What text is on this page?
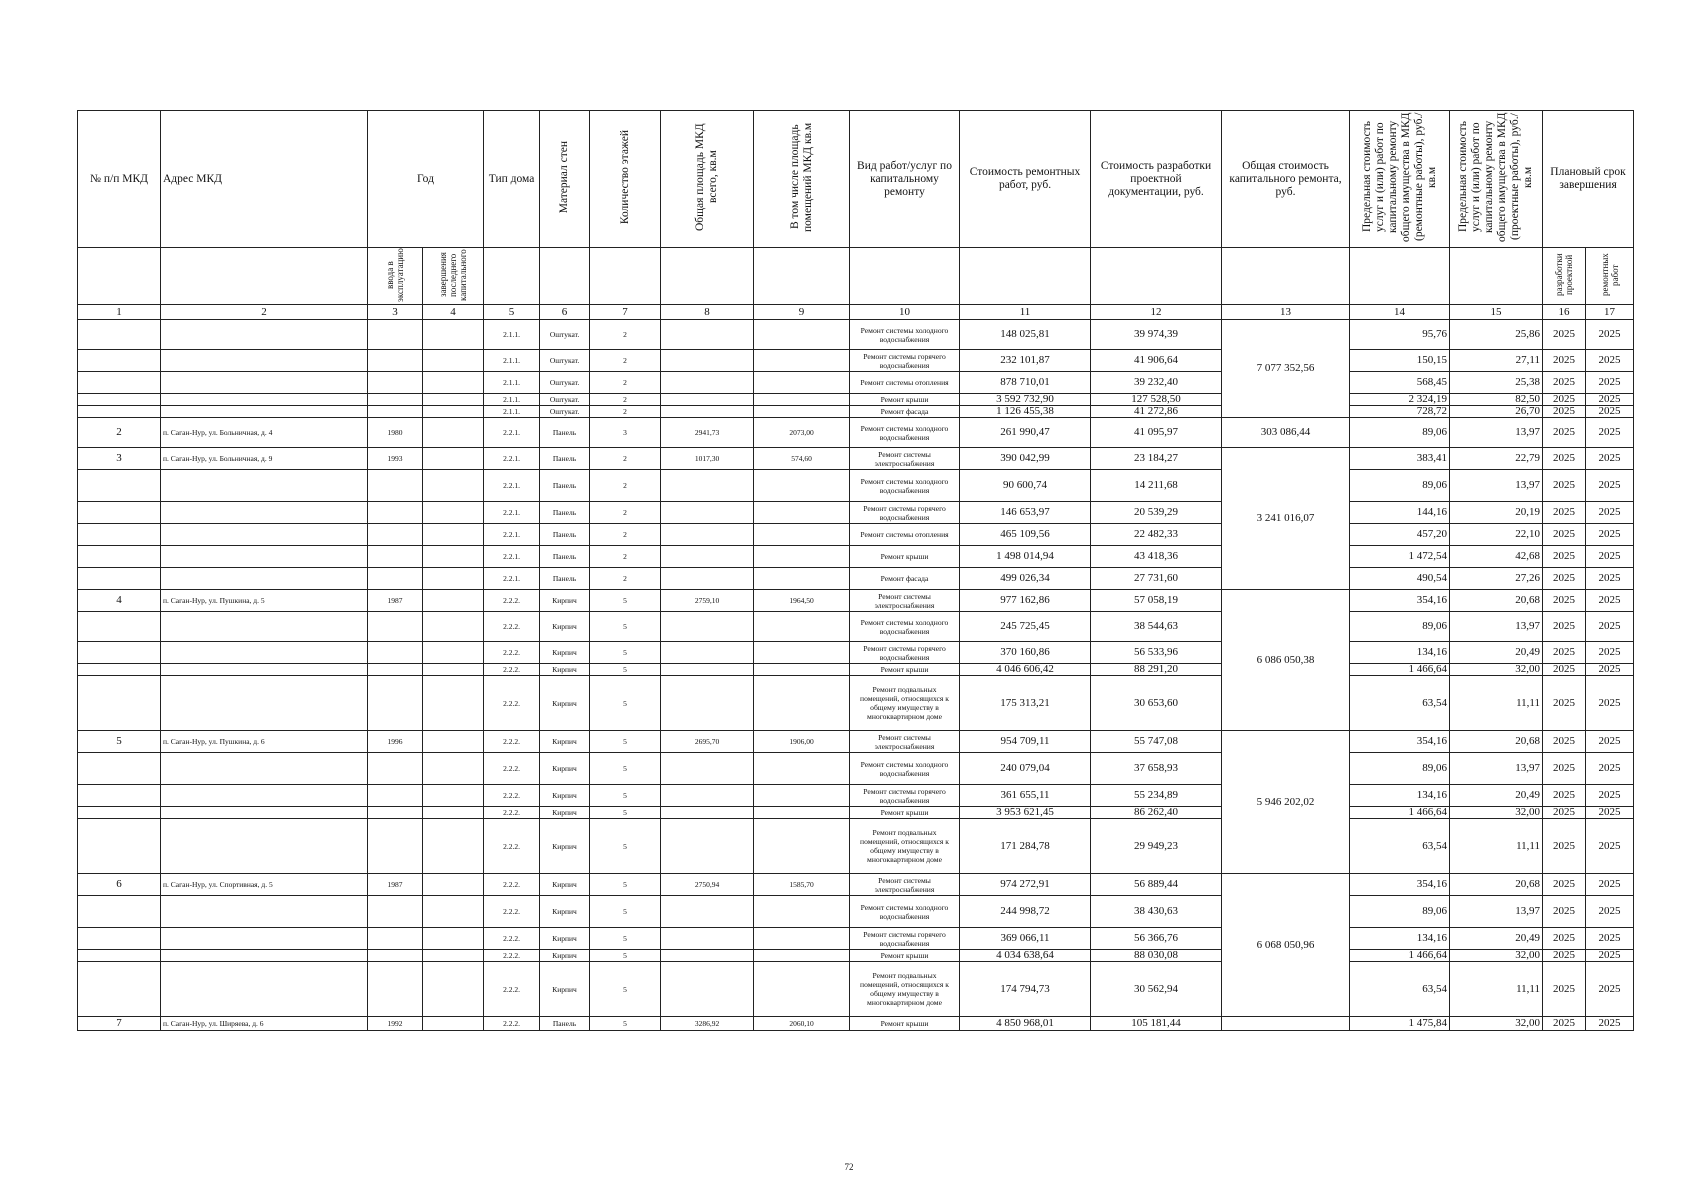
№ п/п МКД	Адрес МКД	Год		Тип дома	Материал стен	Количество этажей	Общая площадь МКД всего, кв.м	В том числе площадь помещений МКД кв.м	Вид работ/услуг по капитальному ремонту	Стоимость ремонтных работ, руб.	Стоимость разработки проектной документации, руб.	Общая стоимость капитального ремонта, руб.	Предельная стоимость услуг и (или) работ по капитальному ремонту общего имущества в МКД (ремонтные работы), руб./кв.м	Предельная стоимость услуг и (или) работ по капитальному ремонту общего имущества в МКД (проектные работы), руб./кв.м	Плановый срок завершения	
		ввода в эксплуатацию	завершения последнего капитального												разработки проектной	ремонтных работ
1	2	3	4	5	6	7	8	9	10	11	12	13	14	15	16	17
				2.1.1.	Оштукат.	2			Ремонт системы холодного водоснабжения	148 025,81	39 974,39	7 077 352,56	95,76	25,86	2025	2025
				2.1.1.	Оштукат.	2			Ремонт системы горячего водоснабжения	232 101,87	41 906,64		150,15	27,11	2025	2025
				2.1.1.	Оштукат.	2			Ремонт системы отопления	878 710,01	39 232,40		568,45	25,38	2025	2025
				2.1.1.	Оштукат.	2			Ремонт крыши	3 592 732,90	127 528,50		2 324,19	82,50	2025	2025
				2.1.1.	Оштукат.	2			Ремонт фасада	1 126 455,38	41 272,86		728,72	26,70	2025	2025
2	п. Саган-Нур, ул. Больничная, д. 4	1980		2.2.1.	Панель	3	2941,73	2073,00	Ремонт системы холодного водоснабжения	261 990,47	41 095,97	303 086,44	89,06	13,97	2025	2025
3	п. Саган-Нур, ул. Больничная, д. 9	1993		2.2.1.	Панель	2	1017,30	574,60	Ремонт системы электроснабжения	390 042,99	23 184,27	3 241 016,07	383,41	22,79	2025	2025
				2.2.1.	Панель	2			Ремонт системы холодного водоснабжения	90 600,74	14 211,68		89,06	13,97	2025	2025
				2.2.1.	Панель	2			Ремонт системы горячего водоснабжения	146 653,97	20 539,29		144,16	20,19	2025	2025
				2.2.1.	Панель	2			Ремонт системы отопления	465 109,56	22 482,33		457,20	22,10	2025	2025
				2.2.1.	Панель	2			Ремонт крыши	1 498 014,94	43 418,36		1 472,54	42,68	2025	2025
				2.2.1.	Панель	2			Ремонт фасада	499 026,34	27 731,60		490,54	27,26	2025	2025
4	п. Саган-Нур, ул. Пушкина, д. 5	1987		2.2.2.	Кирпич	5	2759,10	1964,50	Ремонт системы электроснабжения	977 162,86	57 058,19	6 086 050,38	354,16	20,68	2025	2025
				2.2.2.	Кирпич	5			Ремонт системы холодного водоснабжения	245 725,45	38 544,63		89,06	13,97	2025	2025
				2.2.2.	Кирпич	5			Ремонт системы горячего водоснабжения	370 160,86	56 533,96		134,16	20,49	2025	2025
				2.2.2.	Кирпич	5			Ремонт крыши	4 046 606,42	88 291,20		1 466,64	32,00	2025	2025
				2.2.2.	Кирпич	5			Ремонт подвальных помещений, относящихся к общему имуществу в многоквартирном доме	175 313,21	30 653,60		63,54	11,11	2025	2025
5	п. Саган-Нур, ул. Пушкина, д. 6	1996		2.2.2.	Кирпич	5	2695,70	1906,00	Ремонт системы электроснабжения	954 709,11	55 747,08	5 946 202,02	354,16	20,68	2025	2025
				2.2.2.	Кирпич	5			Ремонт системы холодного водоснабжения	240 079,04	37 658,93		89,06	13,97	2025	2025
				2.2.2.	Кирпич	5			Ремонт системы горячего водоснабжения	361 655,11	55 234,89		134,16	20,49	2025	2025
				2.2.2.	Кирпич	5			Ремонт крыши	3 953 621,45	86 262,40		1 466,64	32,00	2025	2025
				2.2.2.	Кирпич	5			Ремонт подвальных помещений, относящихся к общему имуществу в многоквартирном доме	171 284,78	29 949,23		63,54	11,11	2025	2025
6	п. Саган-Нур, ул. Спортивная, д. 5	1987		2.2.2.	Кирпич	5	2750,94	1585,70	Ремонт системы электроснабжения	974 272,91	56 889,44	6 068 050,96	354,16	20,68	2025	2025
				2.2.2.	Кирпич	5			Ремонт системы холодного водоснабжения	244 998,72	38 430,63		89,06	13,97	2025	2025
				2.2.2.	Кирпич	5			Ремонт системы горячего водоснабжения	369 066,11	56 366,76		134,16	20,49	2025	2025
				2.2.2.	Кирпич	5			Ремонт крыши	4 034 638,64	88 030,08		1 466,64	32,00	2025	2025
				2.2.2.	Кирпич	5			Ремонт подвальных помещений, относящихся к общему имуществу в многоквартирном доме	174 794,73	30 562,94		63,54	11,11	2025	2025
7	п. Саган-Нур, ул. Ширяева, д. 6	1992		2.2.2.	Панель	5	3286,92	2060,10	Ремонт крыши	4 850 968,01	105 181,44		1 475,84	32,00	2025	2025
72
